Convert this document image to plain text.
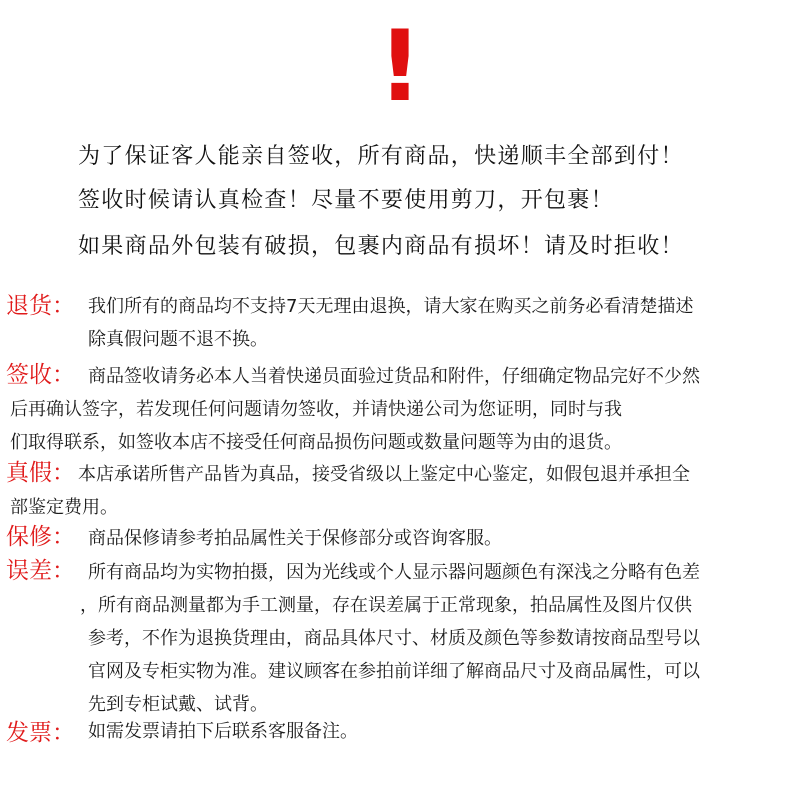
!
为了保证客人能亲自签收，所有商品，快递顺丰全部到付！
签收时候请认真检查！尽量不要使用剪刀，开包裹！
如果商品外包装有破损，包裹内商品有损坏！请及时拒收！
退货： 我们所有的商品均不支持7天无理由退换，请大家在购买之前务必看清楚描述
除真假问题不退不换。
签收： 商品签收请务必本人当着快递员面验过货品和附件，仔细确定物品完好不少然
后再确认签字，若发现任何问题请勿签收，并请快递公司为您证明，同时与我
们取得联系，如签收本店不接受任何商品损伤问题或数量问题等为由的退货。
真假： 本店承诺所售产品皆为真品，接受省级以上鉴定中心鉴定，如假包退并承担全
部鉴定费用。
保修： 商品保修请参考拍品属性关于保修部分或咨询客服。
误差： 所有商品均为实物拍摄，因为光线或个人显示器问题颜色有深浅之分略有色差
，所有商品测量都为手工测量，存在误差属于正常现象，拍品属性及图片仅供
参考，不作为退换货理由，商品具体尺寸、材质及颜色等参数请按商品型号以
官网及专柜实物为准。建议顾客在参拍前详细了解商品尺寸及商品属性，可以
先到专柜试戴、试背。
发票： 如需发票请拍下后联系客服备注。
